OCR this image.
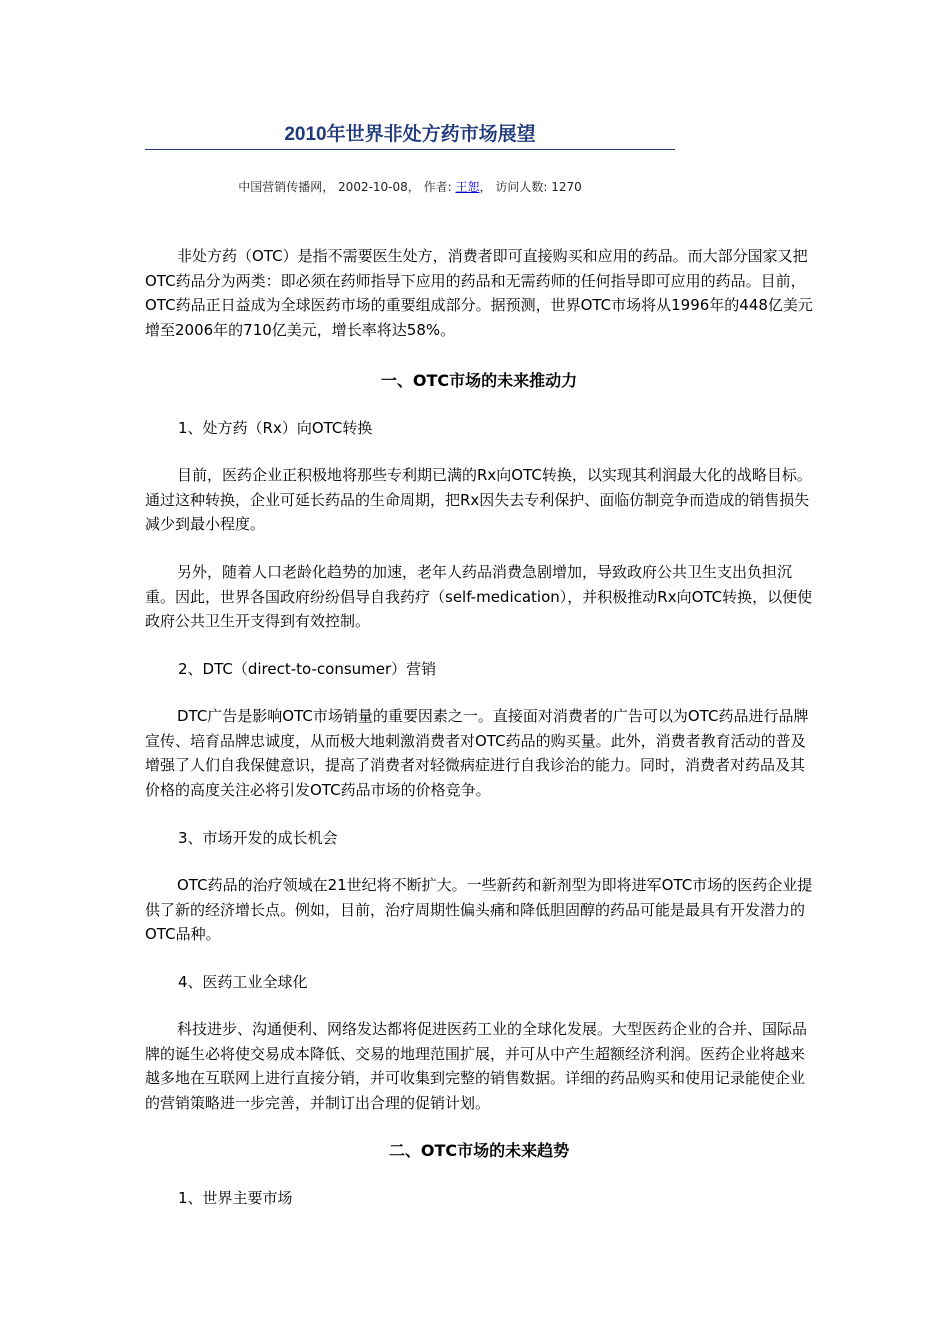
2010年世界非处方药市场展望
中国营销传播网， 2002-10-08， 作者: 王恕， 访问人数: 1270

非处方药（OTC）是指不需要医生处方，消费者即可直接购买和应用的药品。而大部分国家又把OTC药品分为两类：即必须在药师指导下应用的药品和无需药师的任何指导即可应用的药品。目前，OTC药品正日益成为全球医药市场的重要组成部分。据预测，世界OTC市场将从1996年的448亿美元增至2006年的710亿美元，增长率将达58%。

一、OTC市场的未来推动力

1、处方药（Rx）向OTC转换

目前，医药企业正积极地将那些专利期已满的Rx向OTC转换，以实现其利润最大化的战略目标。通过这种转换，企业可延长药品的生命周期，把Rx因失去专利保护、面临仿制竞争而造成的销售损失减少到最小程度。

另外，随着人口老龄化趋势的加速，老年人药品消费急剧增加，导致政府公共卫生支出负担沉重。因此，世界各国政府纷纷倡导自我药疗（self-medication），并积极推动Rx向OTC转换，以便使政府公共卫生开支得到有效控制。

2、DTC（direct-to-consumer）营销

DTC广告是影响OTC市场销量的重要因素之一。直接面对消费者的广告可以为OTC药品进行品牌宣传、培育品牌忠诚度，从而极大地刺激消费者对OTC药品的购买量。此外，消费者教育活动的普及增强了人们自我保健意识，提高了消费者对轻微病症进行自我诊治的能力。同时，消费者对药品及其价格的高度关注必将引发OTC药品市场的价格竞争。

3、市场开发的成长机会

OTC药品的治疗领域在21世纪将不断扩大。一些新药和新剂型为即将进军OTC市场的医药企业提供了新的经济增长点。例如，目前，治疗周期性偏头痛和降低胆固醇的药品可能是最具有开发潜力的OTC品种。

4、医药工业全球化

科技进步、沟通便利、网络发达都将促进医药工业的全球化发展。大型医药企业的合并、国际品牌的诞生必将使交易成本降低、交易的地理范围扩展，并可从中产生超额经济利润。医药企业将越来越多地在互联网上进行直接分销，并可收集到完整的销售数据。详细的药品购买和使用记录能使企业的营销策略进一步完善，并制订出合理的促销计划。

二、OTC市场的未来趋势

1、世界主要市场
